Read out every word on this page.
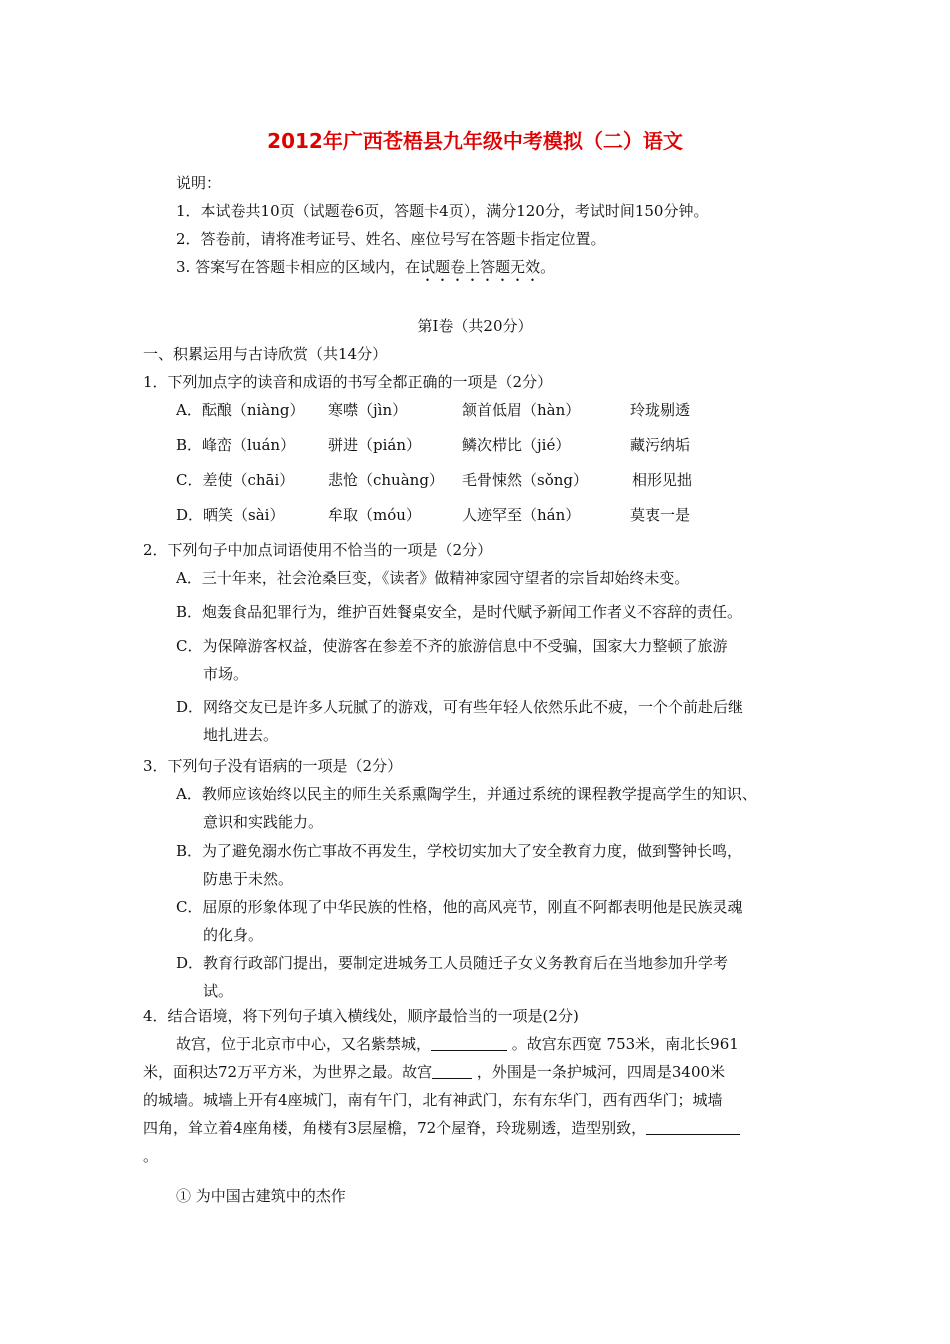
2012年广西苍梧县九年级中考模拟（二）语文
说明：
1．本试卷共10页（试题卷6页，答题卡4页），满分120分，考试时间150分钟。
2．答卷前，请将准考证号、姓名、座位号写在答题卡指定位置。
3. 答案写在答题卡相应的区域内，在试题卷上答题无效。
第Ⅰ卷（共20分）
一、积累运用与古诗欣赏（共14分）
1．下列加点字的读音和成语的书写全都正确的一项是（2分）
A．酝酿（niàng） 寒噤（jìn）	颔首低眉（hàn）	玲珑剔透
B．峰峦（luán） 骈进（pián）	鳞次栉比（jié）	藏污纳垢
C．差使（chāi） 悲怆（chuàng） 毛骨悚然（sǒng）	相形见拙
D．晒笑（sài）	牟取（móu）	人迹罕至（hán）	莫衷一是
2．下列句子中加点词语使用不恰当的一项是（2分）
A．三十年来，社会沧桑巨变，《读者》做精神家园守望者的宗旨却始终未变。
B．炮轰食品犯罪行为，维护百姓餐桌安全，是时代赋予新闻工作者义不容辞的责任。
C．为保障游客权益，使游客在参差不齐的旅游信息中不受骗，国家大力整顿了旅游
市场。
D．网络交友已是许多人玩腻了的游戏，可有些年轻人依然乐此不疲，一个个前赴后继
地扎进去。
3．下列句子没有语病的一项是（2分）
A．教师应该始终以民主的师生关系熏陶学生，并通过系统的课程教学提高学生的知识、
意识和实践能力。
B．为了避免溺水伤亡事故不再发生，学校切实加大了安全教育力度，做到警钟长鸣，
防患于未然。
C．屈原的形象体现了中华民族的性格，他的高风亮节，刚直不阿都表明他是民族灵魂
的化身。
D．教育行政部门提出，要制定进城务工人员随迁子女义务教育后在当地参加升学考
试。
4．结合语境，将下列句子填入横线处，顺序最恰当的一项是(2分)
故宫，位于北京市中心，又名紫禁城，	。故宫东西宽 753米，南北长961
米，面积达72万平方米，为世界之最。故宫	，外围是一条护城河，四周是3400米
的城墙。城墙上开有4座城门，南有午门，北有神武门，东有东华门，西有西华门；城墙
四角，耸立着4座角楼，角楼有3层屋檐，72个屋脊，玲珑剔透，造型别致，
。
① 为中国古建筑中的杰作
